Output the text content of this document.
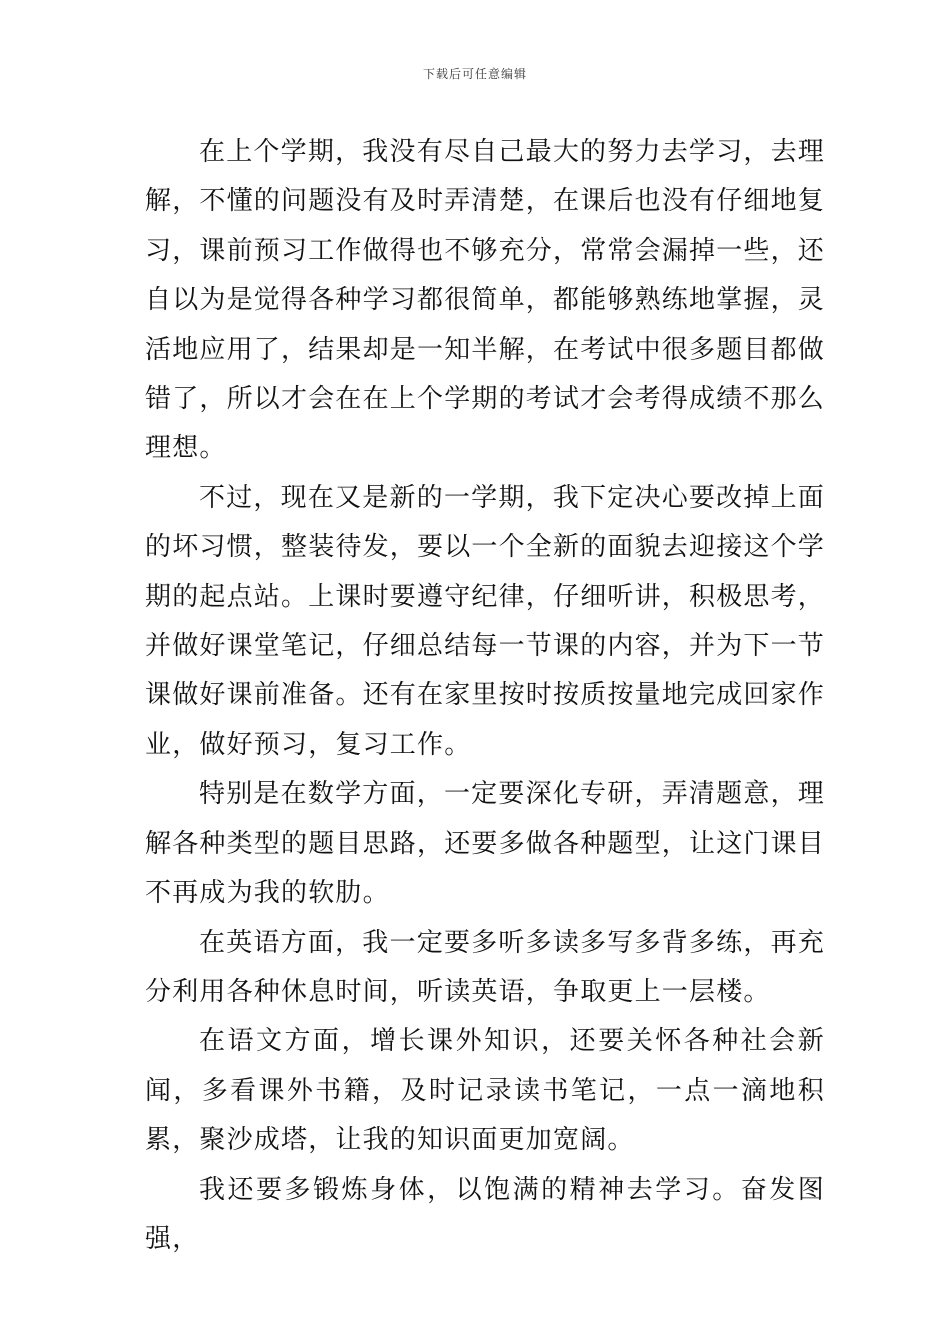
下载后可任意编辑

在上个学期，我没有尽自己最大的努力去学习，去理解，不懂的问题没有及时弄清楚，在课后也没有仔细地复习，课前预习工作做得也不够充分，常常会漏掉一些，还自以为是觉得各种学习都很简单，都能够熟练地掌握，灵活地应用了，结果却是一知半解，在考试中很多题目都做错了，所以才会在在上个学期的考试才会考得成绩不那么理想。

不过，现在又是新的一学期，我下定决心要改掉上面的坏习惯，整装待发，要以一个全新的面貌去迎接这个学期的起点站。上课时要遵守纪律，仔细听讲，积极思考，并做好课堂笔记，仔细总结每一节课的内容，并为下一节课做好课前准备。还有在家里按时按质按量地完成回家作业，做好预习，复习工作。

特别是在数学方面，一定要深化专研，弄清题意，理解各种类型的题目思路，还要多做各种题型，让这门课目不再成为我的软肋。

在英语方面，我一定要多听多读多写多背多练，再充分利用各种休息时间，听读英语，争取更上一层楼。

在语文方面，增长课外知识，还要关怀各种社会新闻，多看课外书籍，及时记录读书笔记，一点一滴地积累，聚沙成塔，让我的知识面更加宽阔。

我还要多锻炼身体，以饱满的精神去学习。奋发图强，
